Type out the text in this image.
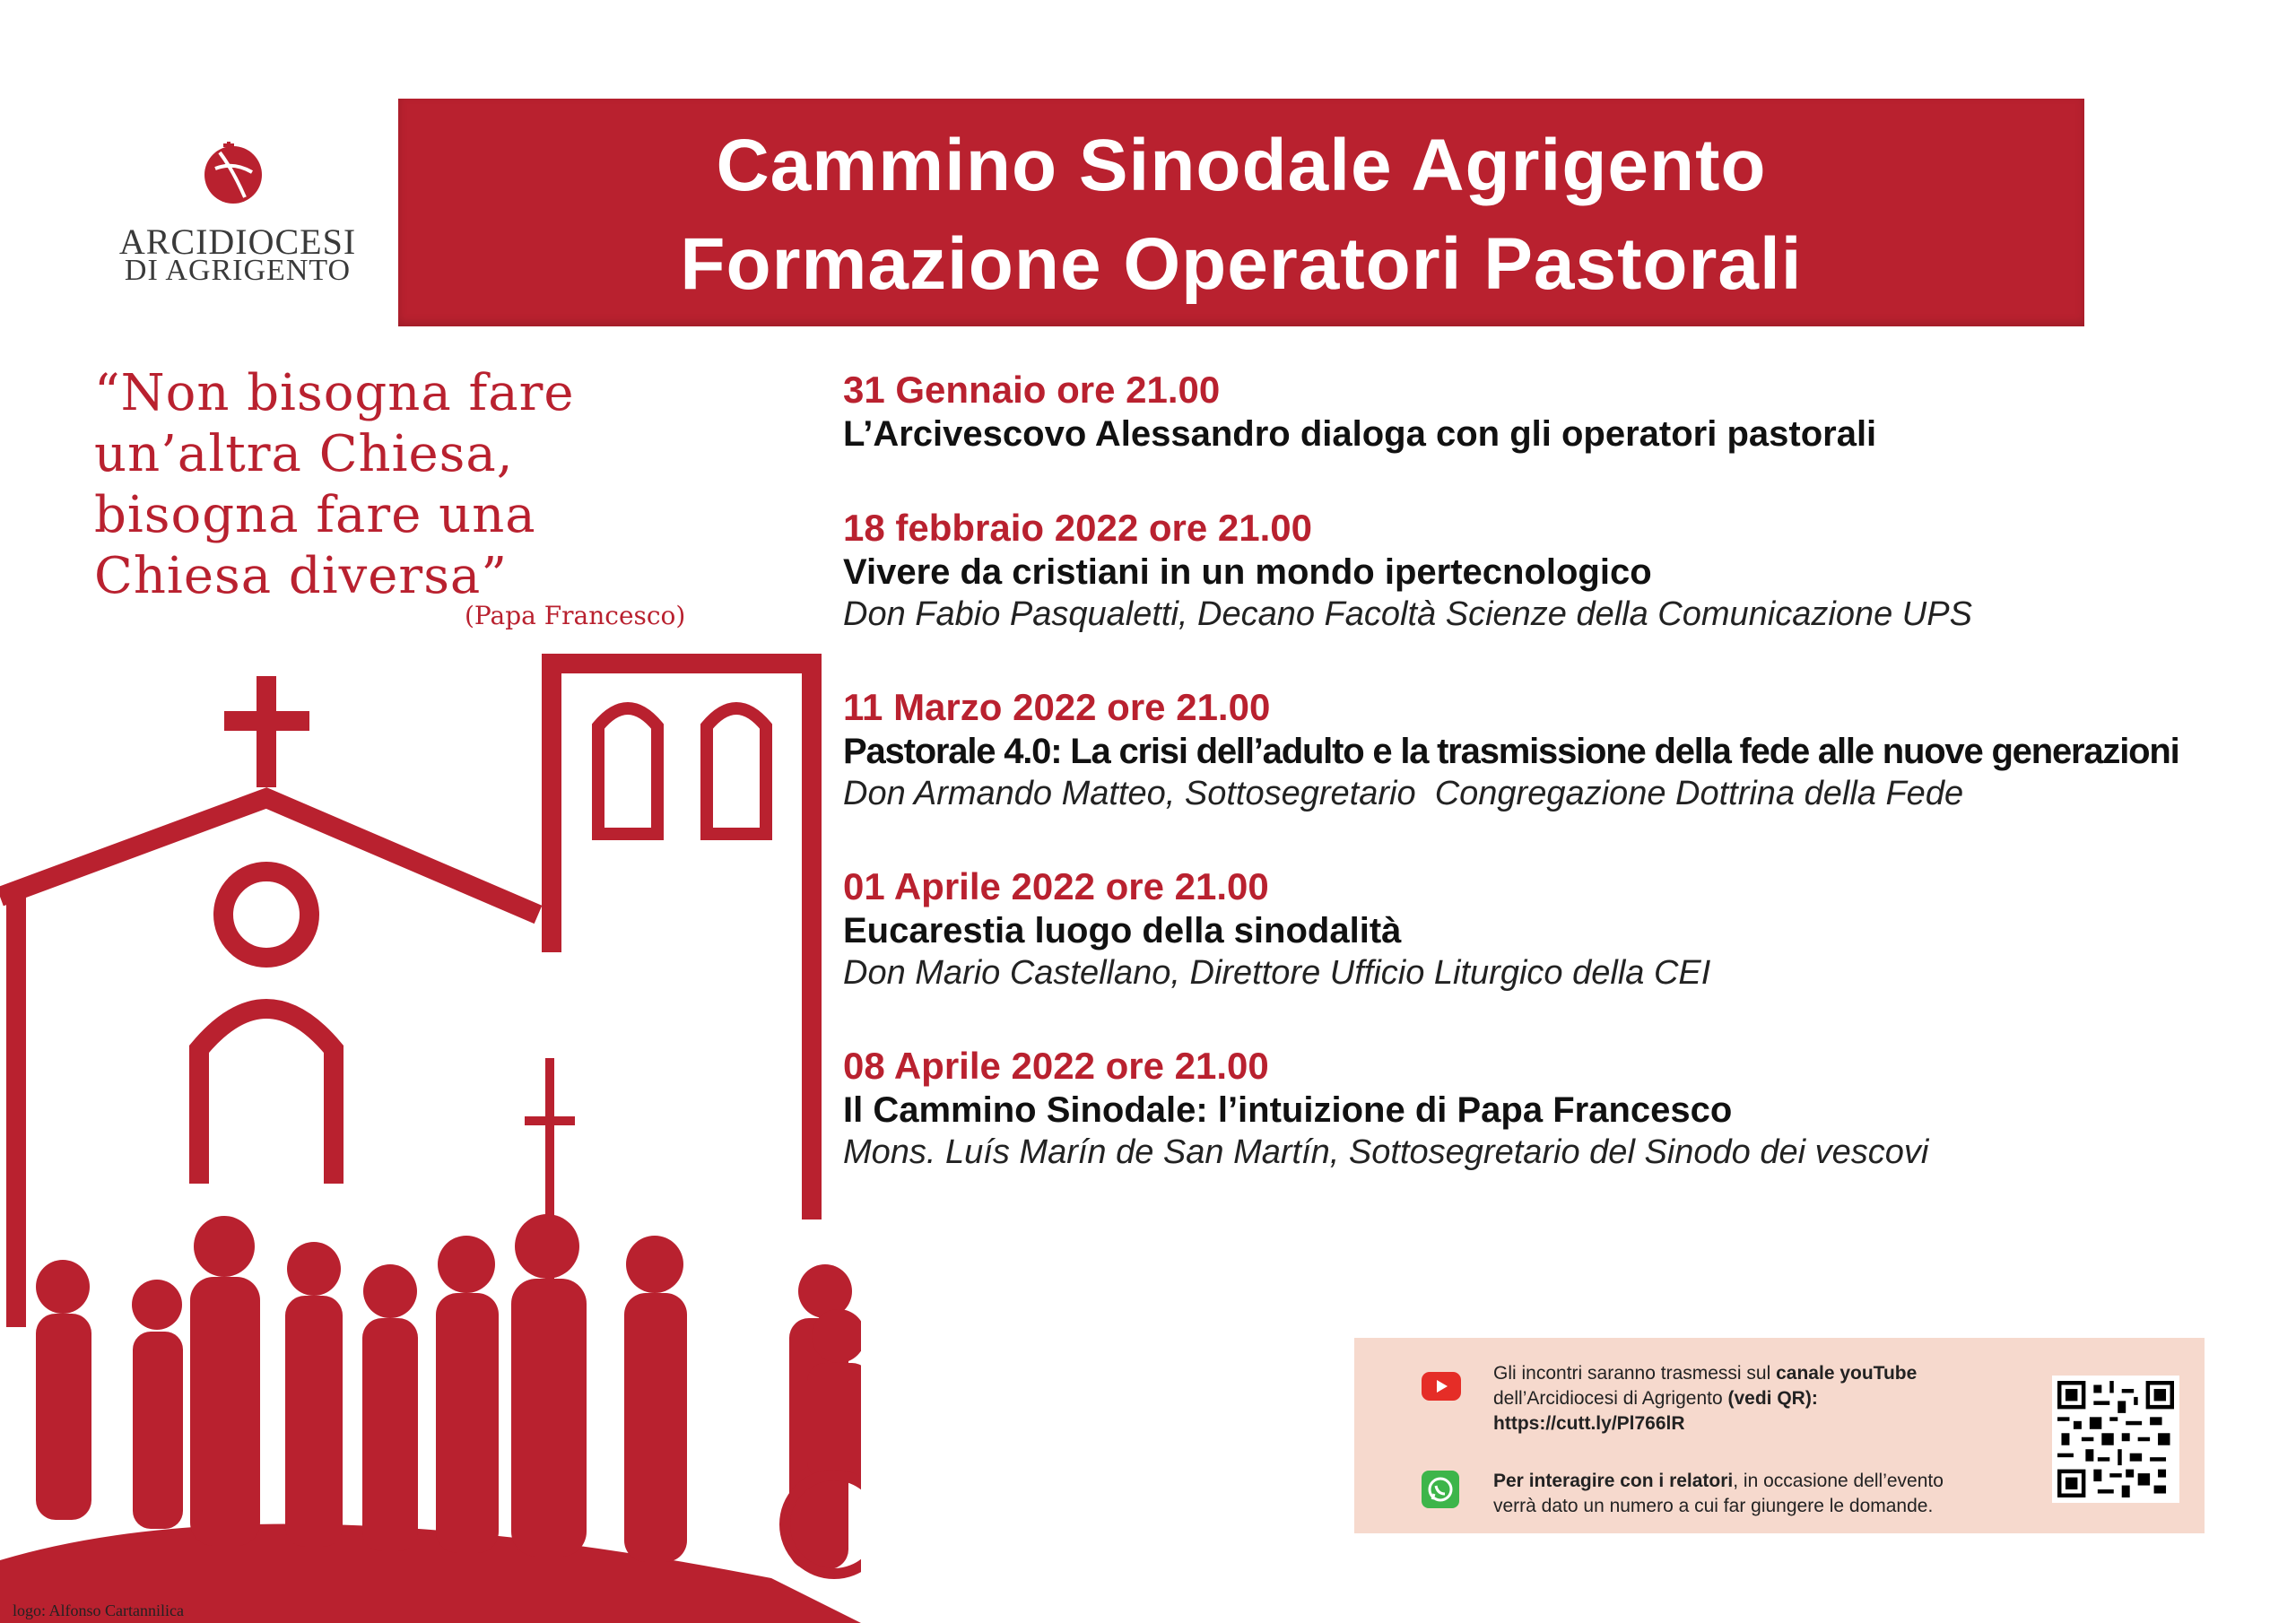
ARCIDIOCESI
DI AGRIGENTO
Cammino Sinodale Agrigento
Formazione Operatori Pastorali
“Non bisogna fare
un’altra Chiesa,
bisogna fare una
Chiesa diversa”
(Papa Francesco)
31 Gennaio ore 21.00
L’Arcivescovo Alessandro dialoga con gli operatori pastorali
18 febbraio 2022 ore 21.00
Vivere da cristiani in un mondo ipertecnologico
Don Fabio Pasqualetti, Decano Facoltà Scienze della Comunicazione UPS
11 Marzo 2022 ore 21.00
Pastorale 4.0: La crisi dell’adulto e la trasmissione della fede alle nuove generazioni
Don Armando Matteo, Sottosegretario  Congregazione Dottrina della Fede
01 Aprile 2022 ore 21.00
Eucarestia luogo della sinodalità
Don Mario Castellano, Direttore Ufficio Liturgico della CEI
08 Aprile 2022 ore 21.00
Il Cammino Sinodale: l’intuizione di Papa Francesco
Mons. Luís Marín de San Martín, Sottosegretario del Sinodo dei vescovi
Gli incontri saranno trasmessi sul canale youTube
dell’Arcidiocesi di Agrigento (vedi QR):
https://cutt.ly/Pl766lR
Per interagire con i relatori, in occasione dell’evento
verrà dato un numero a cui far giungere le domande.
logo: Alfonso Cartannilica
